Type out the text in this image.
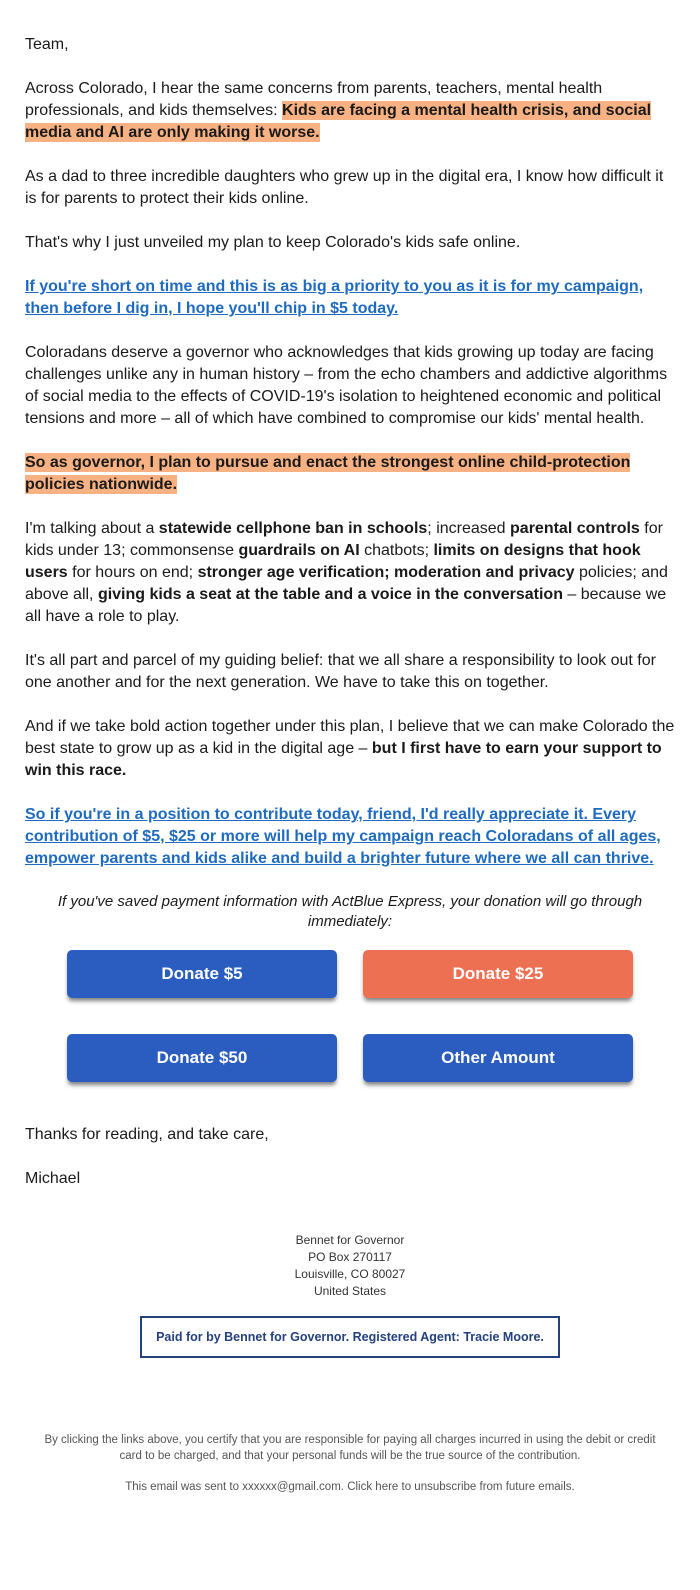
Team,

Across Colorado, I hear the same concerns from parents, teachers, mental health professionals, and kids themselves: Kids are facing a mental health crisis, and social media and AI are only making it worse.

As a dad to three incredible daughters who grew up in the digital era, I know how difficult it is for parents to protect their kids online.

That's why I just unveiled my plan to keep Colorado's kids safe online.

If you're short on time and this is as big a priority to you as it is for my campaign, then before I dig in, I hope you'll chip in $5 today.

Coloradans deserve a governor who acknowledges that kids growing up today are facing challenges unlike any in human history – from the echo chambers and addictive algorithms of social media to the effects of COVID-19's isolation to heightened economic and political tensions and more – all of which have combined to compromise our kids' mental health.

So as governor, I plan to pursue and enact the strongest online child-protection policies nationwide.

I'm talking about a statewide cellphone ban in schools; increased parental controls for kids under 13; commonsense guardrails on AI chatbots; limits on designs that hook users for hours on end; stronger age verification; moderation and privacy policies; and above all, giving kids a seat at the table and a voice in the conversation – because we all have a role to play.

It's all part and parcel of my guiding belief: that we all share a responsibility to look out for one another and for the next generation. We have to take this on together.

And if we take bold action together under this plan, I believe that we can make Colorado the best state to grow up as a kid in the digital age – but I first have to earn your support to win this race.

So if you're in a position to contribute today, friend, I'd really appreciate it. Every contribution of $5, $25 or more will help my campaign reach Coloradans of all ages, empower parents and kids alike and build a brighter future where we all can thrive.

If you've saved payment information with ActBlue Express, your donation will go through immediately:

Donate $5	Donate $25
Donate $50	Other Amount

Thanks for reading, and take care,

Michael

Bennet for Governor
PO Box 270117
Louisville, CO 80027
United States
Paid for by Bennet for Governor. Registered Agent: Tracie Moore.

By clicking the links above, you certify that you are responsible for paying all charges incurred in using the debit or credit card to be charged, and that your personal funds will be the true source of the contribution.

This email was sent to xxxxxx@gmail.com. Click here to unsubscribe from future emails.
